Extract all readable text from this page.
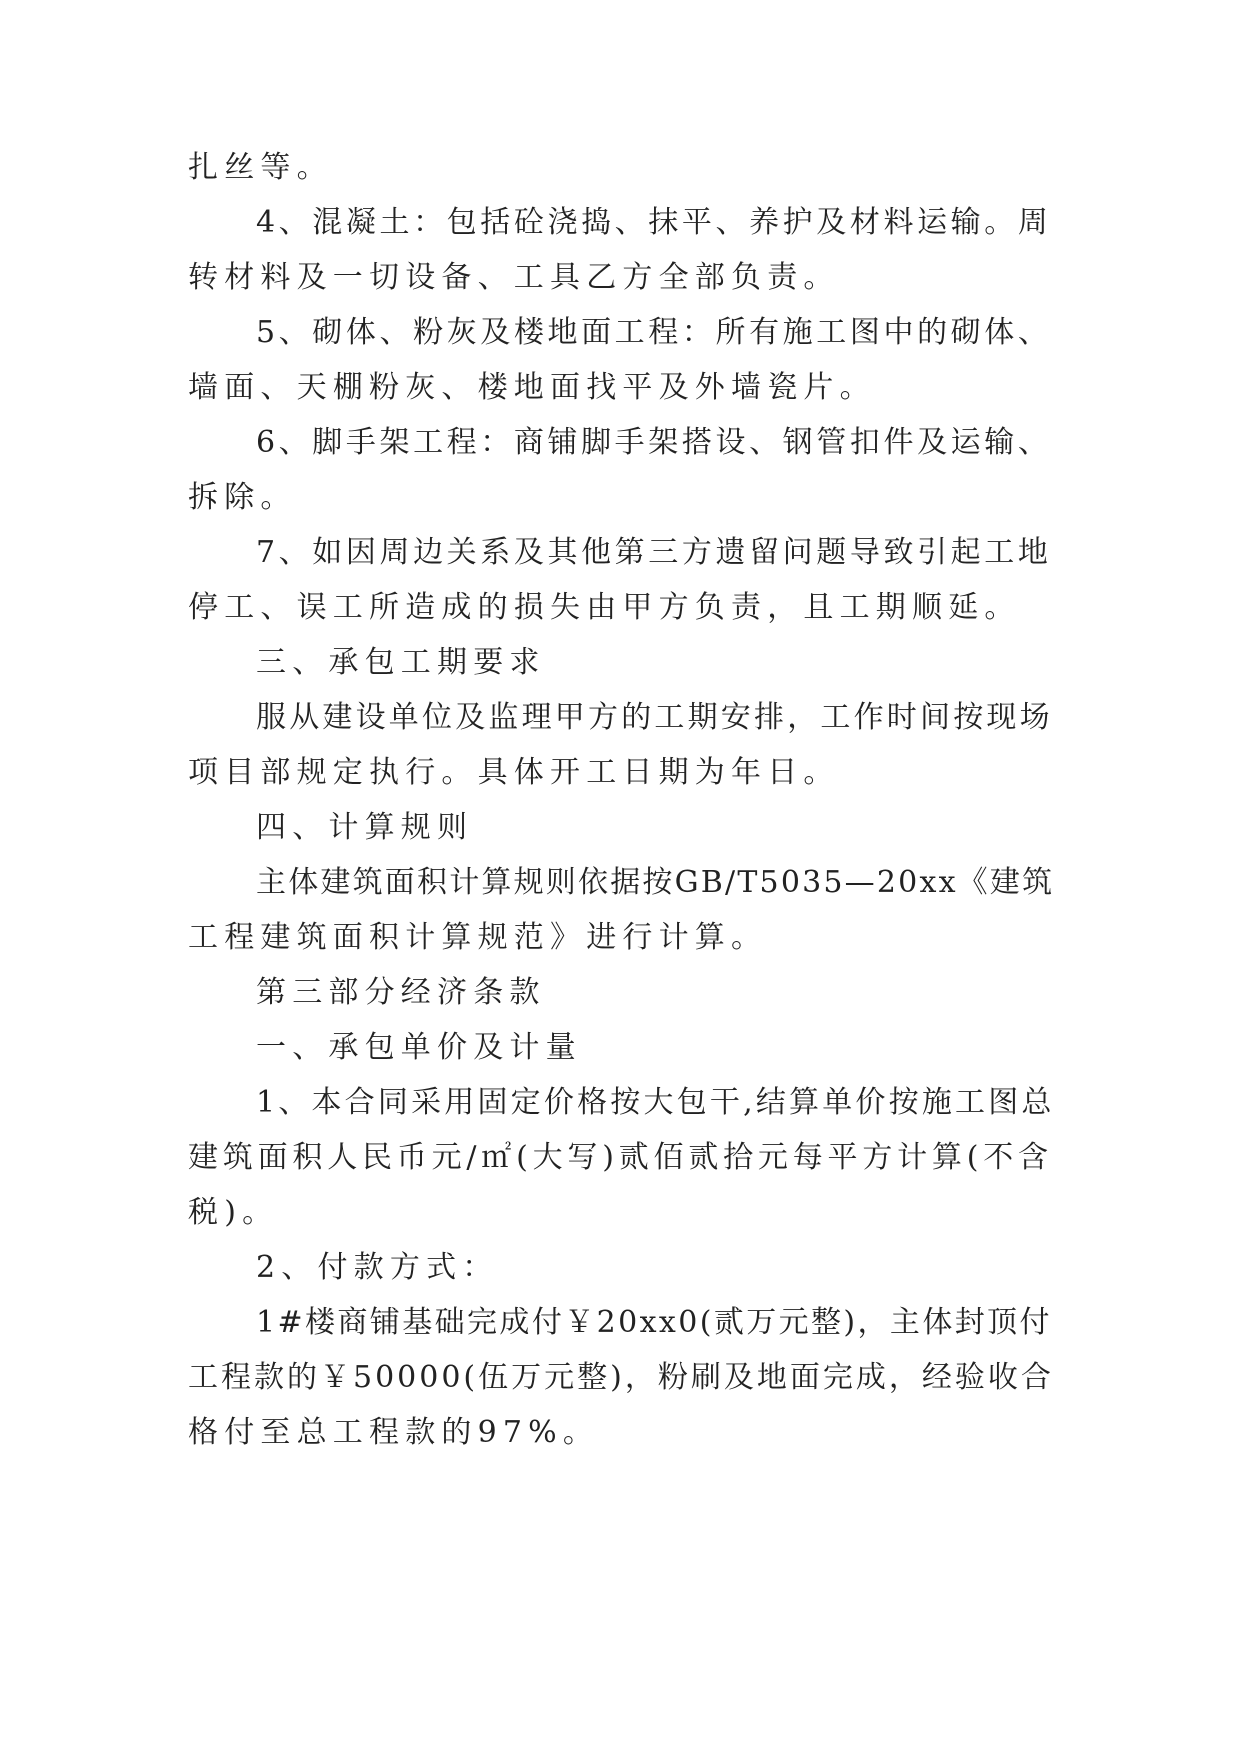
扎丝等。
4、混凝土：包括砼浇捣、抹平、养护及材料运输。周
转材料及一切设备、工具乙方全部负责。
5、砌体、粉灰及楼地面工程：所有施工图中的砌体、
墙面、天棚粉灰、楼地面找平及外墙瓷片。
6、脚手架工程：商铺脚手架搭设、钢管扣件及运输、
拆除。
7、如因周边关系及其他第三方遗留问题导致引起工地
停工、误工所造成的损失由甲方负责，且工期顺延。
三、承包工期要求
服从建设单位及监理甲方的工期安排，工作时间按现场
项目部规定执行。具体开工日期为年日。
四、计算规则
主体建筑面积计算规则依据按GB/T5035—20xx《建筑
工程建筑面积计算规范》进行计算。
第三部分经济条款
一、承包单价及计量
1、本合同采用固定价格按大包干,结算单价按施工图总
建筑面积人民币元/㎡(大写)贰佰贰拾元每平方计算(不含
税)。
2、付款方式：
1#楼商铺基础完成付￥20xx0(贰万元整)，主体封顶付
工程款的￥50000(伍万元整)，粉刷及地面完成，经验收合
格付至总工程款的97%。
